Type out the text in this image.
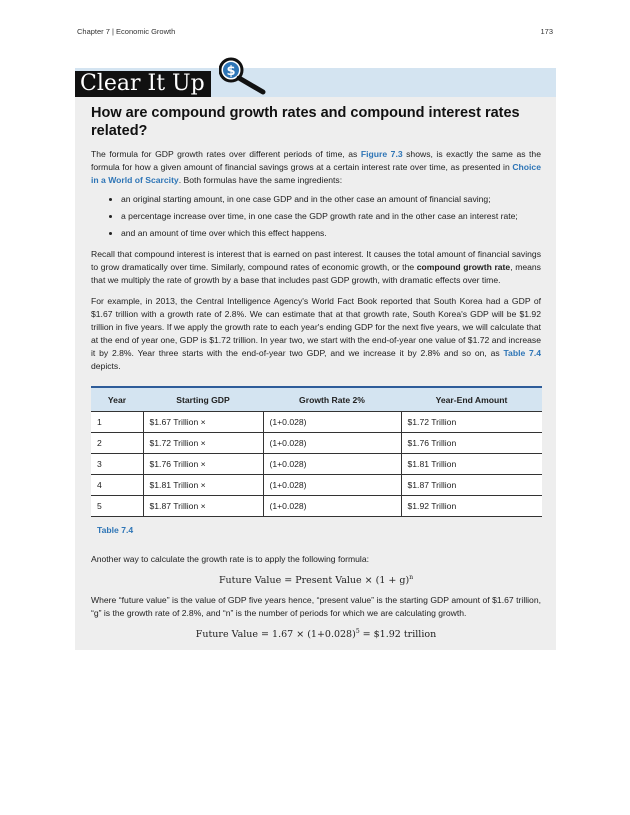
Chapter 7 | Economic Growth	173
Clear It Up	$
How are compound growth rates and compound interest rates related?

The formula for GDP growth rates over different periods of time, as Figure 7.3 shows, is exactly the same as the formula for how a given amount of financial savings grows at a certain interest rate over time, as presented in Choice in a World of Scarcity. Both formulas have the same ingredients:

• an original starting amount, in one case GDP and in the other case an amount of financial saving;
• a percentage increase over time, in one case the GDP growth rate and in the other case an interest rate;
• and an amount of time over which this effect happens.

Recall that compound interest is interest that is earned on past interest. It causes the total amount of financial savings to grow dramatically over time. Similarly, compound rates of economic growth, or the compound growth rate, means that we multiply the rate of growth by a base that includes past GDP growth, with dramatic effects over time.

For example, in 2013, the Central Intelligence Agency's World Fact Book reported that South Korea had a GDP of $1.67 trillion with a growth rate of 2.8%. We can estimate that at that growth rate, South Korea's GDP will be $1.92 trillion in five years. If we apply the growth rate to each year's ending GDP for the next five years, we will calculate that at the end of year one, GDP is $1.72 trillion. In year two, we start with the end-of-year one value of $1.72 and increase it by 2.8%. Year three starts with the end-of-year two GDP, and we increase it by 2.8% and so on, as Table 7.4 depicts.

Year	Starting GDP	Growth Rate 2%	Year-End Amount
1	$1.67 Trillion ×	(1+0.028)	$1.72 Trillion
2	$1.72 Trillion ×	(1+0.028)	$1.76 Trillion
3	$1.76 Trillion ×	(1+0.028)	$1.81 Trillion
4	$1.81 Trillion ×	(1+0.028)	$1.87 Trillion
5	$1.87 Trillion ×	(1+0.028)	$1.92 Trillion
Table 7.4

Another way to calculate the growth rate is to apply the following formula:

Future Value = Present Value × $(1 + g)^n$

Where “future value” is the value of GDP five years hence, “present value” is the starting GDP amount of $1.67 trillion, “g” is the growth rate of 2.8%, and “n” is the number of periods for which we are calculating growth.

Future Value = $1.67 \times (1+0.028)^5$ = $1.92 trillion
